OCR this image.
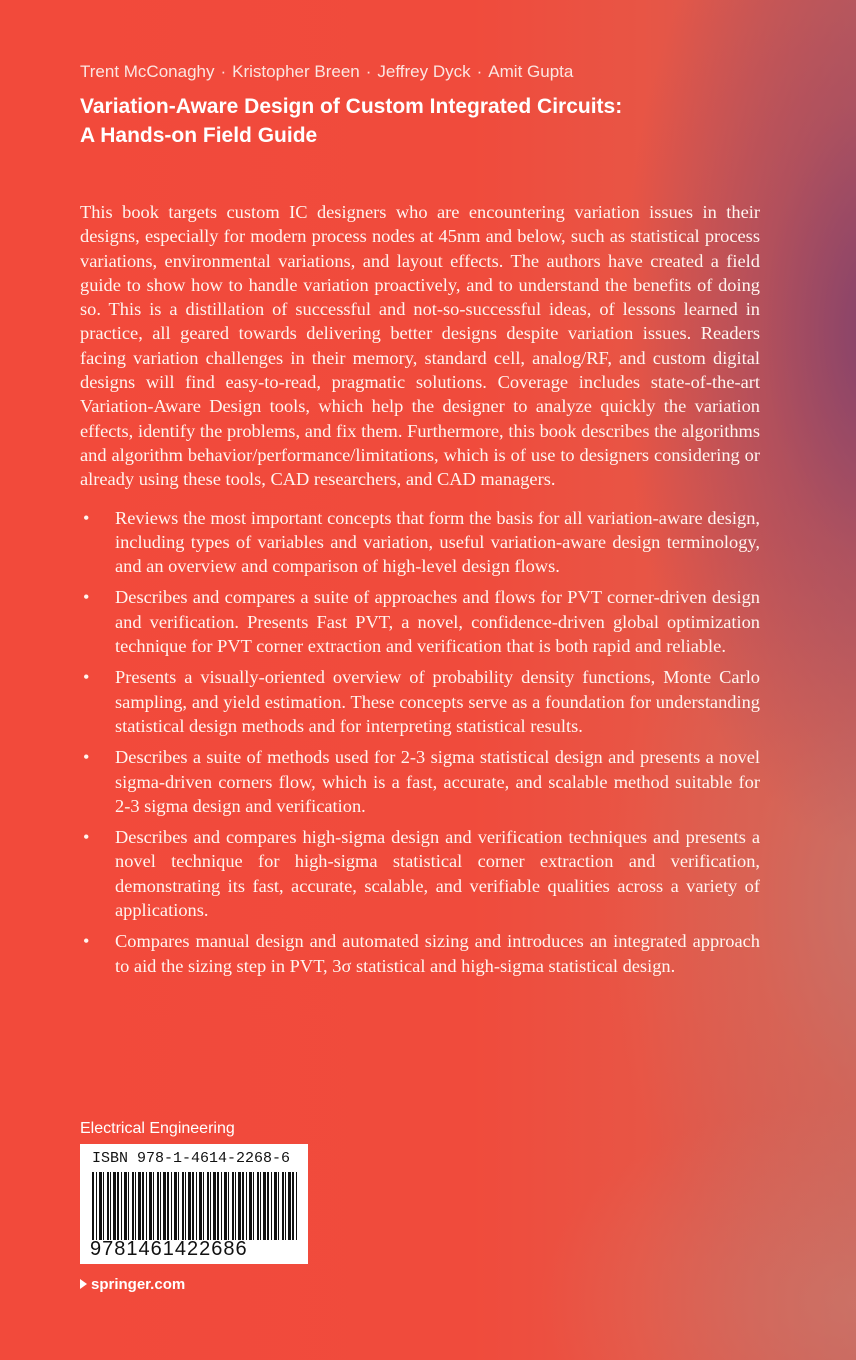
Trent McConaghy · Kristopher Breen · Jeffrey Dyck · Amit Gupta
Variation-Aware Design of Custom Integrated Circuits:
A Hands-on Field Guide

This book targets custom IC designers who are encountering variation issues in their designs, especially for modern process nodes at 45nm and below, such as statistical process variations, environmental variations, and layout effects. The authors have created a field guide to show how to handle variation proactively, and to understand the benefits of doing so. This is a distillation of successful and not-so-successful ideas, of lessons learned in practice, all geared towards delivering better designs despite variation issues. Readers facing variation challenges in their memory, standard cell, analog/RF, and custom digital designs will find easy-to-read, pragmatic solutions. Coverage includes state-of-the-art Variation-Aware Design tools, which help the designer to analyze quickly the variation effects, identify the problems, and fix them. Furthermore, this book describes the algorithms and algorithm behavior/performance/limitations, which is of use to designers considering or already using these tools, CAD researchers, and CAD managers.

• Reviews the most important concepts that form the basis for all variation-aware design, including types of variables and variation, useful variation-aware design terminology, and an overview and comparison of high-level design flows.
• Describes and compares a suite of approaches and flows for PVT corner-driven design and verification. Presents Fast PVT, a novel, confidence-driven global optimization technique for PVT corner extraction and verification that is both rapid and reliable.
• Presents a visually-oriented overview of probability density functions, Monte Carlo sampling, and yield estimation. These concepts serve as a foundation for understanding statistical design methods and for interpreting statistical results.
• Describes a suite of methods used for 2-3 sigma statistical design and presents a novel sigma-driven corners flow, which is a fast, accurate, and scalable method suitable for 2-3 sigma design and verification.
• Describes and compares high-sigma design and verification techniques and presents a novel technique for high-sigma statistical corner extraction and verification, demonstrating its fast, accurate, scalable, and verifiable qualities across a variety of applications.
• Compares manual design and automated sizing and introduces an integrated approach to aid the sizing step in PVT, 3σ statistical and high-sigma statistical design.
Electrical Engineering
ISBN 978-1-4614-2268-6
9781461422686
springer.com
